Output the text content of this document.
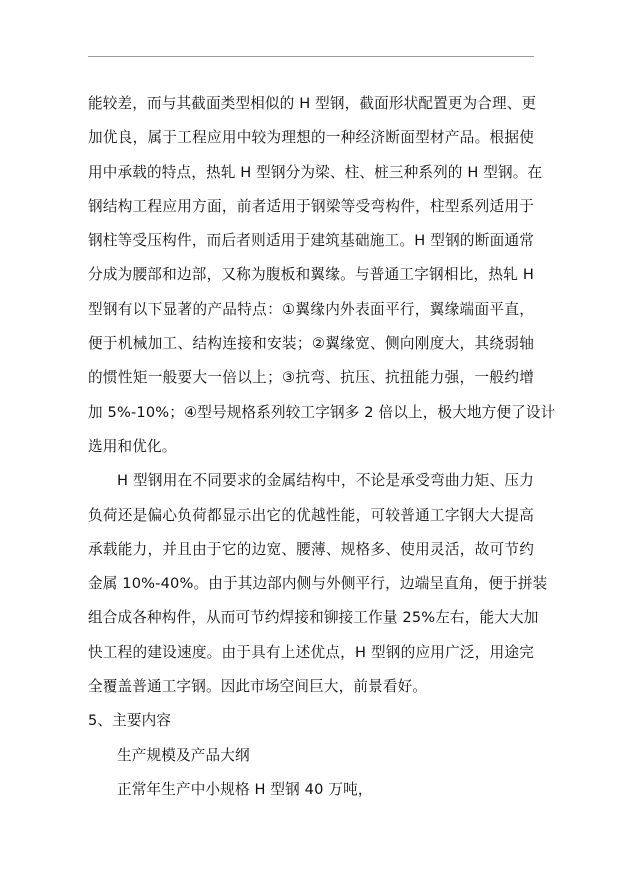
能较差，而与其截面类型相似的 H 型钢，截面形状配置更为合理、更
加优良，属于工程应用中较为理想的一种经济断面型材产品。根据使
用中承载的特点，热轧 H 型钢分为梁、柱、桩三种系列的 H 型钢。在
钢结构工程应用方面，前者适用于钢梁等受弯构件，柱型系列适用于
钢柱等受压构件，而后者则适用于建筑基础施工。H 型钢的断面通常
分成为腰部和边部，又称为腹板和翼缘。与普通工字钢相比，热轧 H
型钢有以下显著的产品特点：①翼缘内外表面平行，翼缘端面平直，
便于机械加工、结构连接和安装；②翼缘宽、侧向刚度大，其绕弱轴
的惯性矩一般要大一倍以上；③抗弯、抗压、抗扭能力强，一般约增
加 5%-10%；④型号规格系列较工字钢多 2 倍以上，极大地方便了设计
选用和优化。
H 型钢用在不同要求的金属结构中，不论是承受弯曲力矩、压力
负荷还是偏心负荷都显示出它的优越性能，可较普通工字钢大大提高
承载能力，并且由于它的边宽、腰薄、规格多、使用灵活，故可节约
金属 10%-40%。由于其边部内侧与外侧平行，边端呈直角，便于拼装
组合成各种构件，从而可节约焊接和铆接工作量 25%左右，能大大加
快工程的建设速度。由于具有上述优点，H 型钢的应用广泛，用途完
全覆盖普通工字钢。因此市场空间巨大，前景看好。
5、主要内容
生产规模及产品大纲
正常年生产中小规格 H 型钢 40 万吨，
